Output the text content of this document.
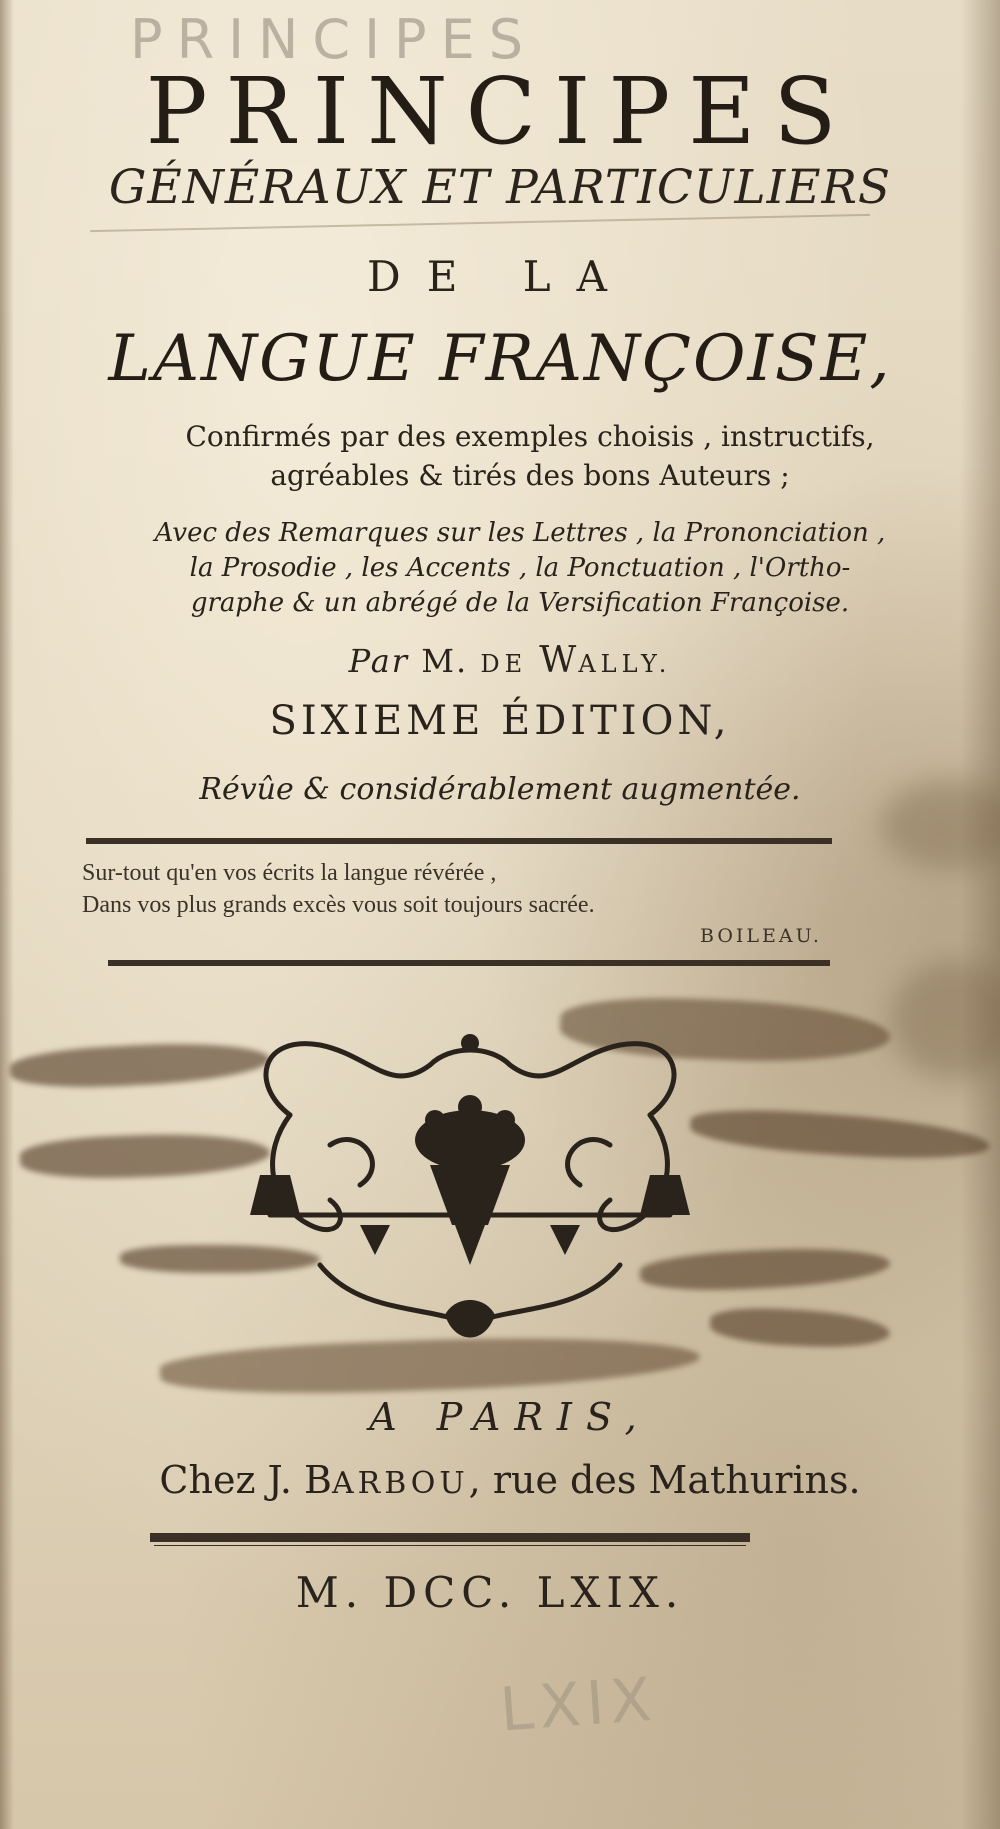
PRINCIPES
PRINCIPES
GÉNÉRAUX ET PARTICULIERS
DE LA
LANGUE FRANÇOISE,
Confirmés par des exemples choisis , instructifs,
agréables & tirés des bons Auteurs ;
Avec des Remarques sur les Lettres , la Prononciation ,
la Prosodie , les Accents , la Ponctuation , l'Ortho-
graphe & un abrégé de la Versification Françoise.
Par M. DE WALLY.
SIXIEME ÉDITION,
Révûe & considérablement augmentée.
Sur-tout qu'en vos écrits la langue révérée ,
Dans vos plus grands excès vous soit toujours sacrée.
BOILEAU.
A PARIS,
Chez J. BARBOU, rue des Mathurins.
M. DCC. LXIX.
LXIX
